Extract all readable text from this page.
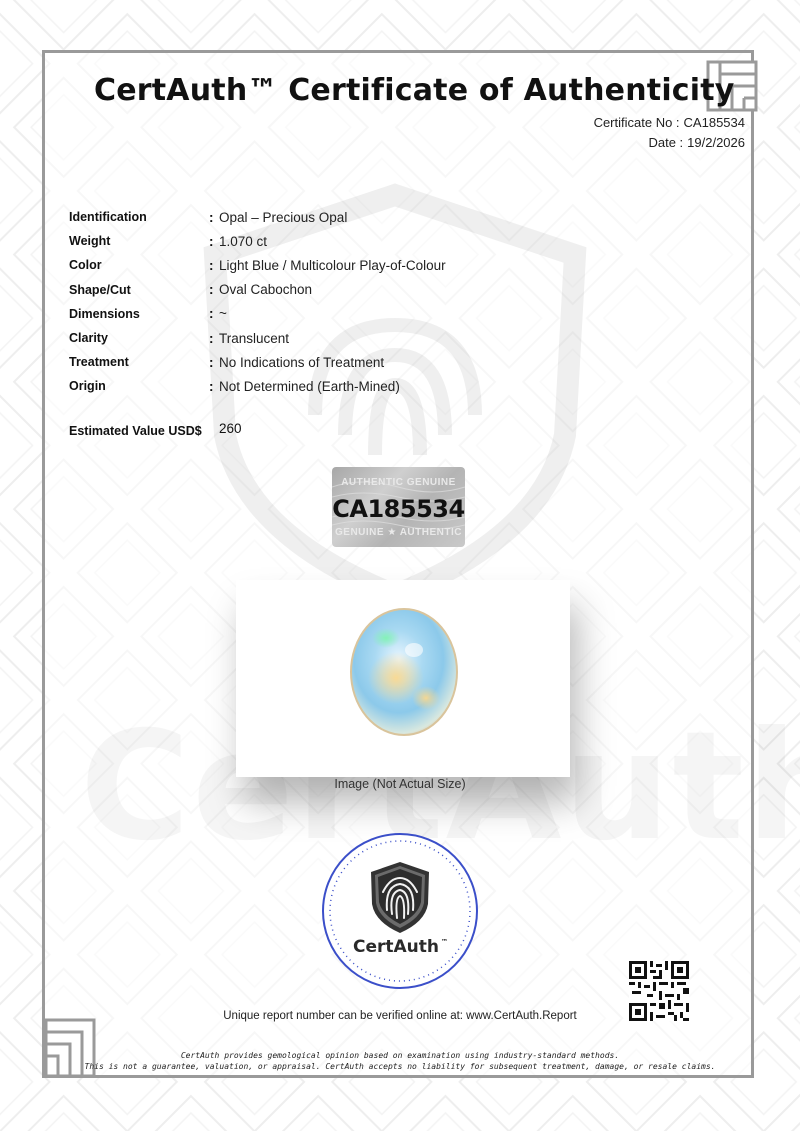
CertAuth™ Certificate of Authenticity
Certificate No : CA185534
Date : 19/2/2026
Identification	: Opal – Precious Opal
Weight	: 1.070 ct
Color	: Light Blue / Multicolour Play-of-Colour
Shape/Cut	: Oval Cabochon
Dimensions	: ~
Clarity	: Translucent
Treatment	: No Indications of Treatment
Origin	: Not Determined (Earth-Mined)
Estimated Value USD$	260
AUTHENTIC GENUINE
CA185534
GENUINE ★ AUTHENTIC
Image (Not Actual Size)
CertAuth ™
Unique report number can be verified online at: www.CertAuth.Report
CertAuth provides gemological opinion based on examination using industry-standard methods.
This is not a guarantee, valuation, or appraisal. CertAuth accepts no liability for subsequent treatment, damage, or resale claims.
